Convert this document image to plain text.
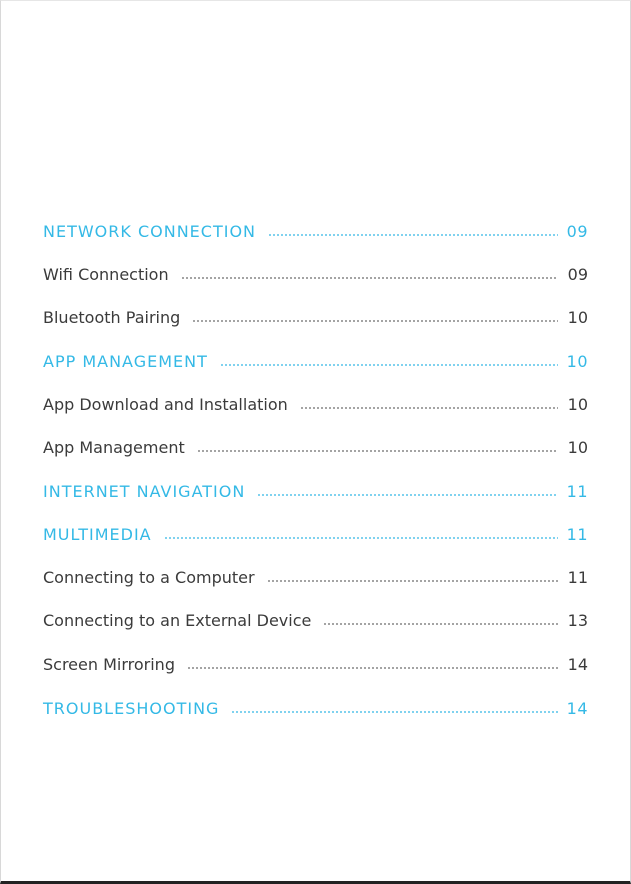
NETWORK CONNECTION	09
Wifi Connection	09
Bluetooth Pairing	10
APP MANAGEMENT	10
App Download and Installation	10
App Management	10
INTERNET NAVIGATION	11
MULTIMEDIA	11
Connecting to a Computer	11
Connecting to an External Device	13
Screen Mirroring	14
TROUBLESHOOTING	14
